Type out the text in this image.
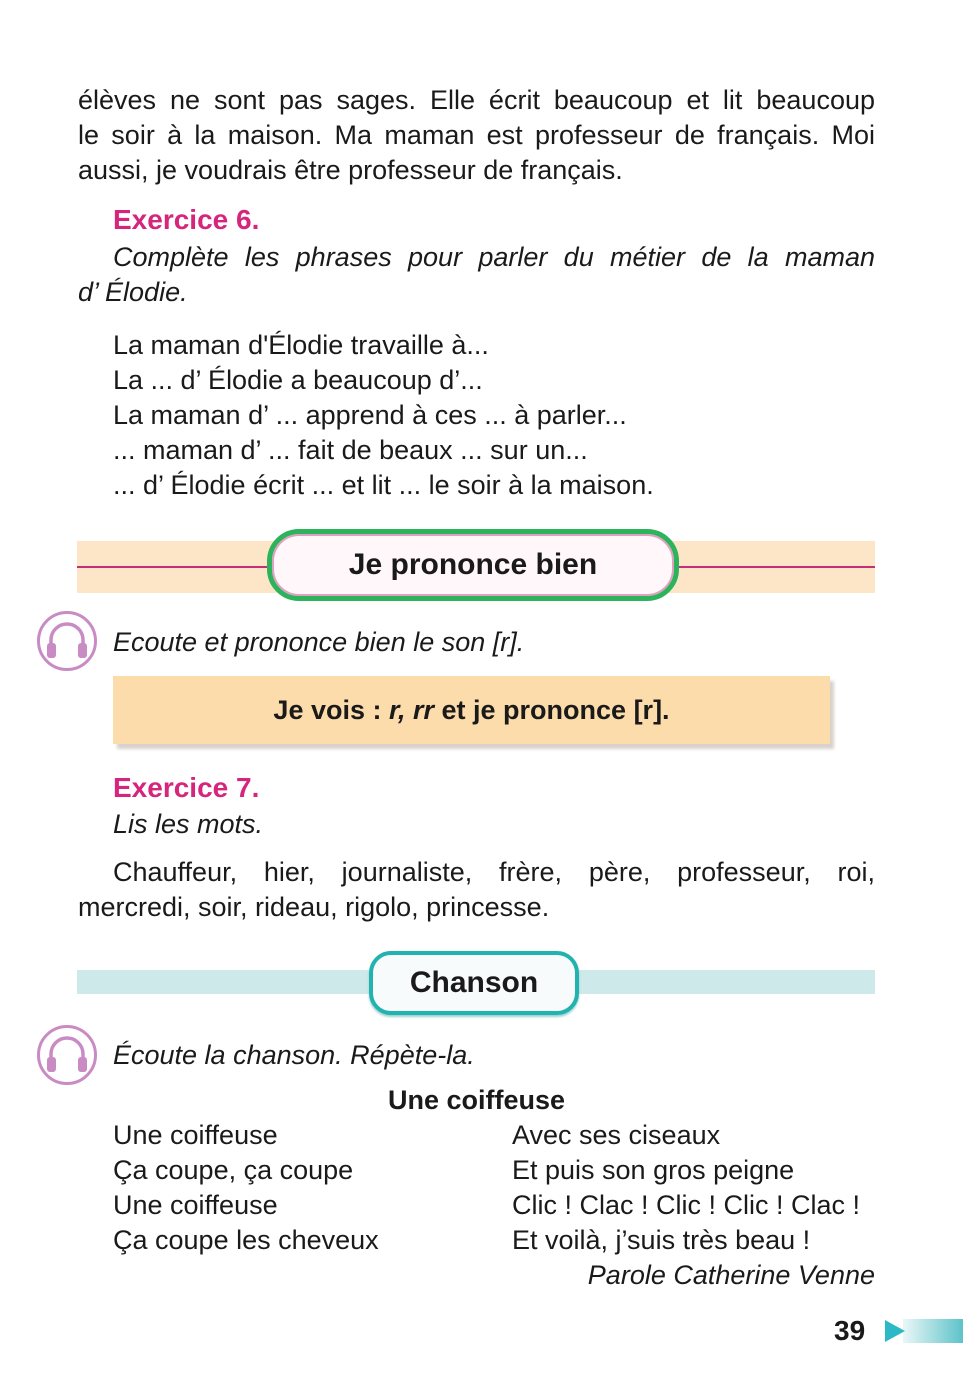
élèves ne sont pas sages. Elle écrit beaucoup et lit beaucoup
le soir à la maison. Ma maman est professeur de français. Moi
aussi, je voudrais être professeur de français.
Exercice 6.
Complète les phrases pour parler du métier de la maman
d’ Élodie.
La maman d'Élodie travaille à...
La ... d’ Élodie a beaucoup d’...
La maman d’ ... apprend à ces ... à parler...
... maman d’ ... fait de beaux ... sur un...
... d’ Élodie écrit ... et lit ... le soir à la maison.
Je prononce bien
Ecoute et prononce bien le son [r].
Je vois : r, rr et je prononce [r].
Exercice 7.
Lis les mots.
Chauffeur, hier, journaliste, frère, père, professeur, roi,
mercredi, soir, rideau, rigolo, princesse.
Chanson
Écoute la chanson. Répète-la.
Une coiffeuse
Une coiffeuse
Ça coupe, ça coupe
Une coiffeuse
Ça coupe les cheveux
Avec ses ciseaux
Et puis son gros peigne
Clic ! Clac ! Clic ! Clic ! Clac !
Et voilà, j’suis très beau !
Parole Catherine Venne
39
